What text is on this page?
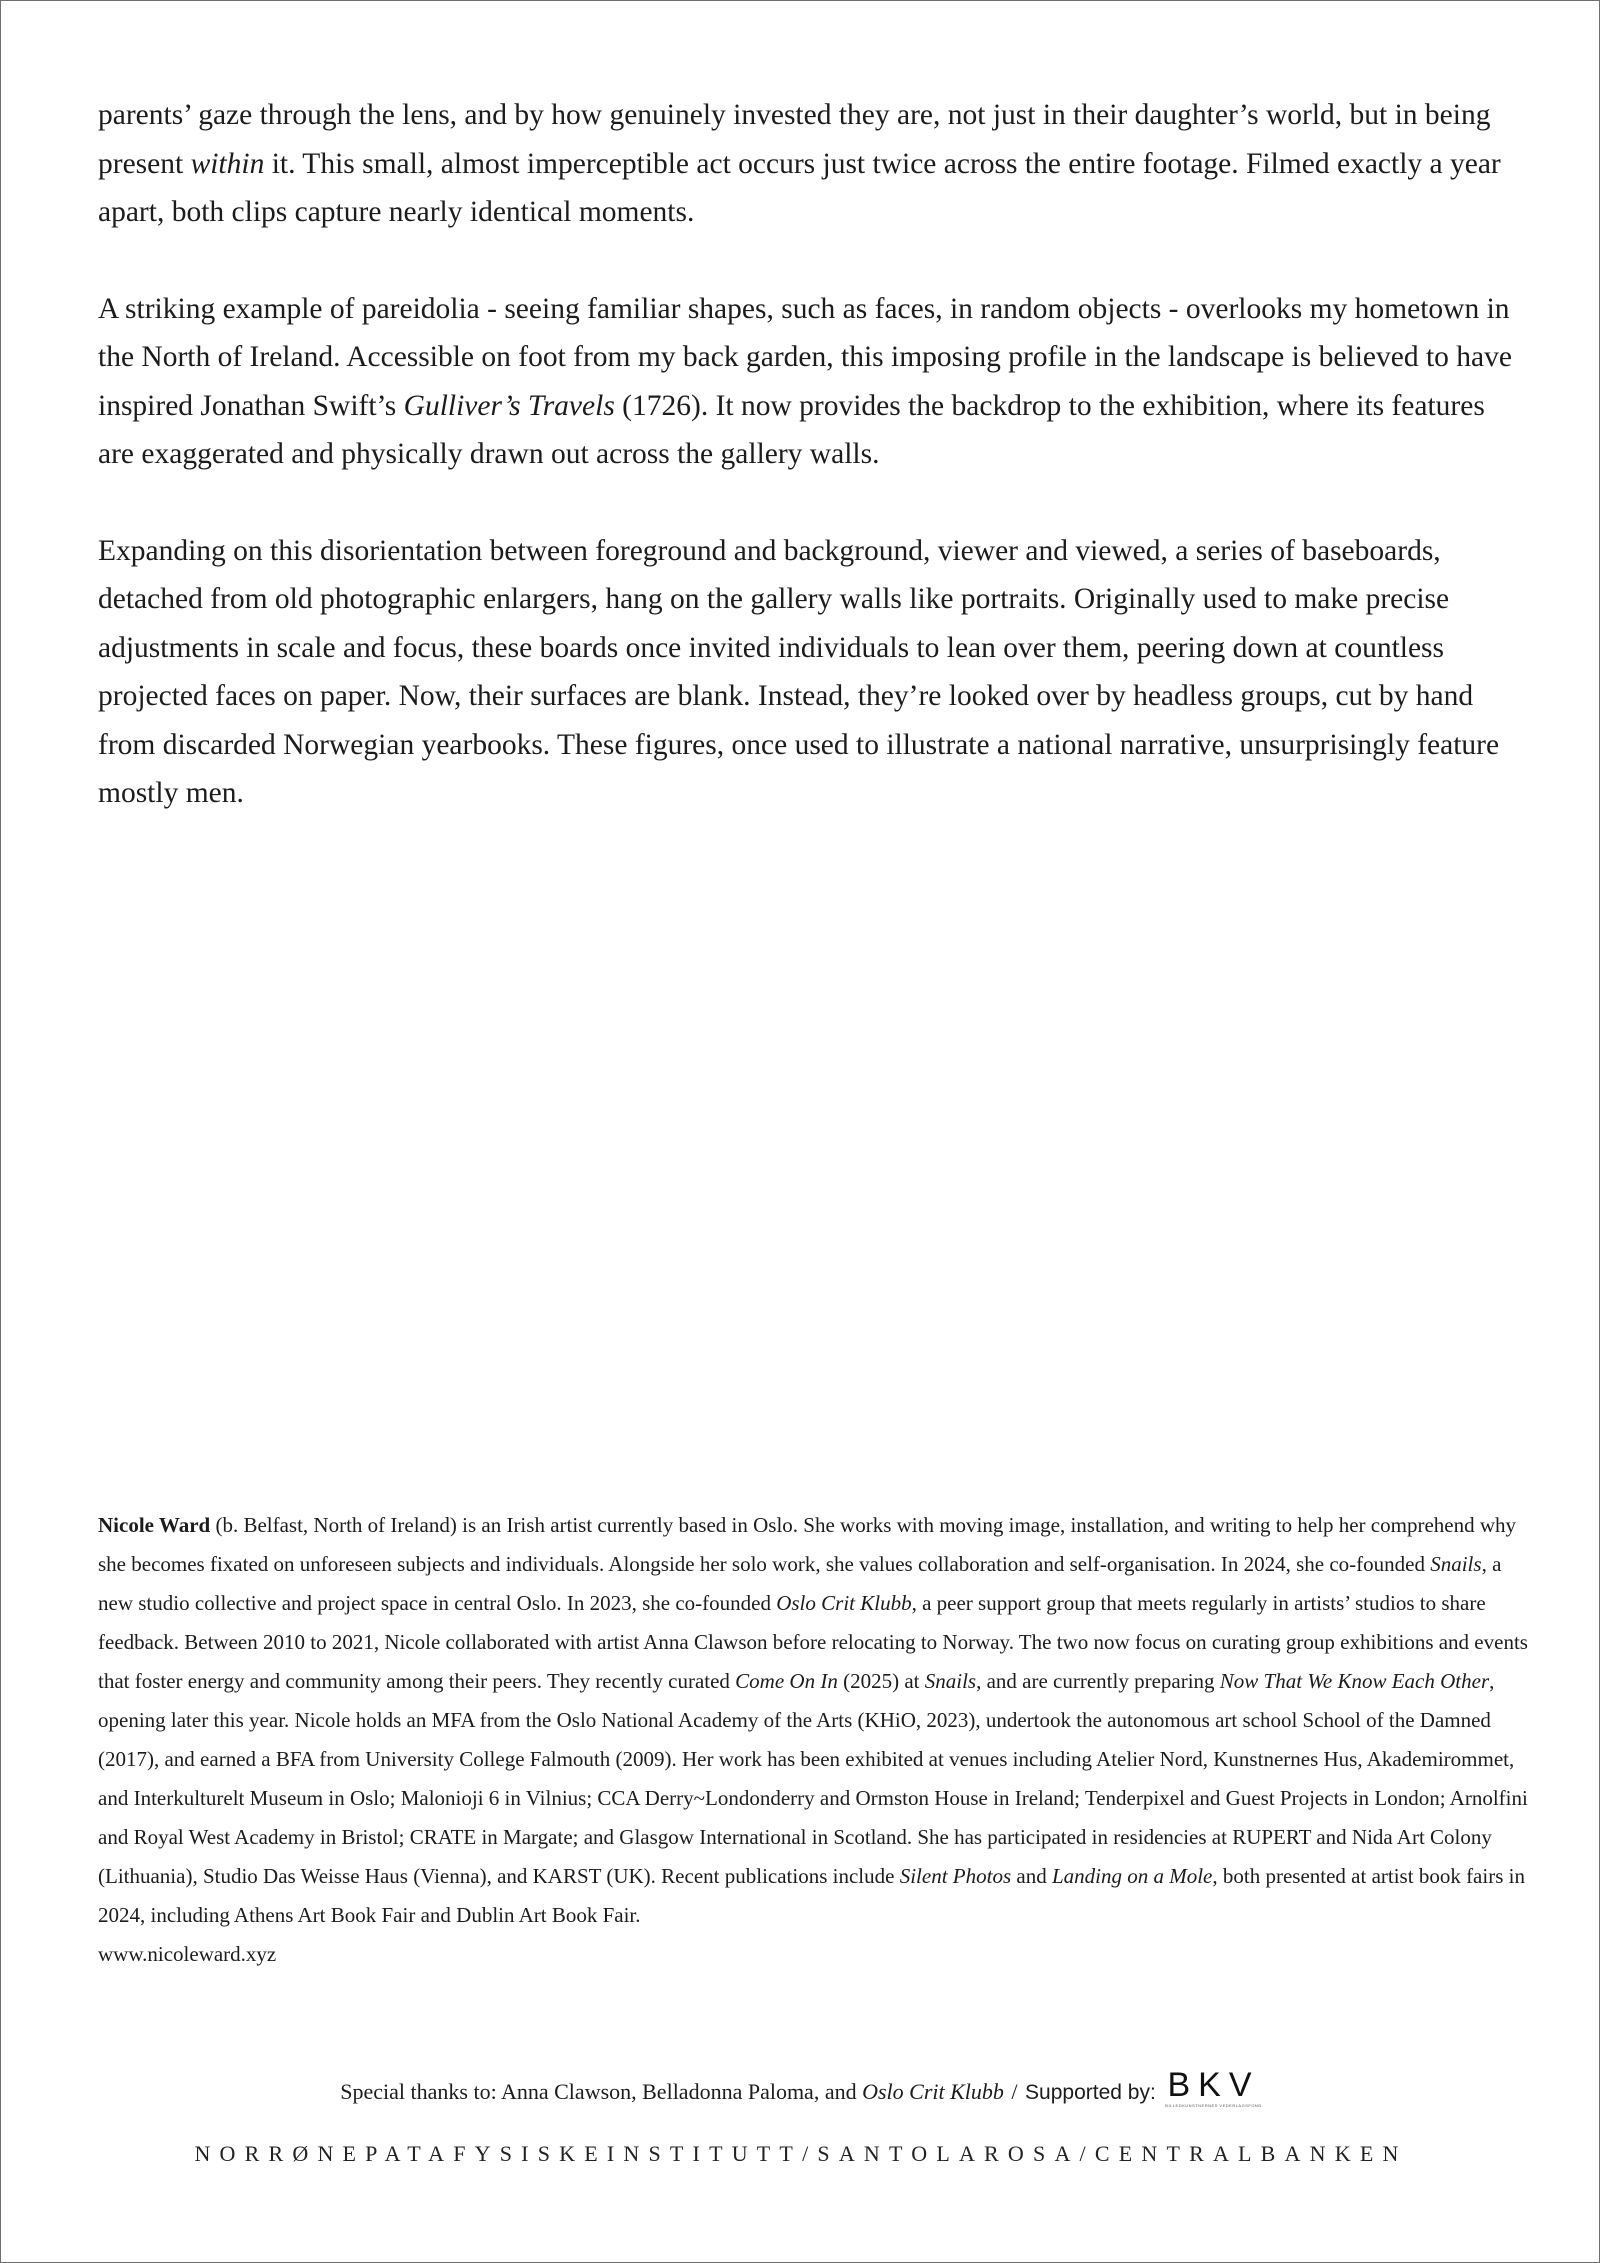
parents’ gaze through the lens, and by how genuinely invested they are, not just in their daughter’s world, but in being present within it. This small, almost imperceptible act occurs just twice across the entire footage. Filmed exactly a year apart, both clips capture nearly identical moments.

A striking example of pareidolia - seeing familiar shapes, such as faces, in random objects - overlooks my hometown in the North of Ireland. Accessible on foot from my back garden, this imposing profile in the landscape is believed to have inspired Jonathan Swift’s Gulliver’s Travels (1726). It now provides the backdrop to the exhibition, where its features are exaggerated and physically drawn out across the gallery walls.

Expanding on this disorientation between foreground and background, viewer and viewed, a series of baseboards, detached from old photographic enlargers, hang on the gallery walls like portraits. Originally used to make precise adjustments in scale and focus, these boards once invited individuals to lean over them, peering down at countless projected faces on paper. Now, their surfaces are blank. Instead, they’re looked over by headless groups, cut by hand from discarded Norwegian yearbooks. These figures, once used to illustrate a national narrative, unsurprisingly feature mostly men.

Nicole Ward (b. Belfast, North of Ireland) is an Irish artist currently based in Oslo. She works with moving image, installation, and writing to help her comprehend why she becomes fixated on unforeseen subjects and individuals. Alongside her solo work, she values collaboration and self-organisation. In 2024, she co-founded Snails, a new studio collective and project space in central Oslo. In 2023, she co-founded Oslo Crit Klubb, a peer support group that meets regularly in artists’ studios to share feedback. Between 2010 to 2021, Nicole collaborated with artist Anna Clawson before relocating to Norway. The two now focus on curating group exhibitions and events that foster energy and community among their peers. They recently curated Come On In (2025) at Snails, and are currently preparing Now That We Know Each Other, opening later this year. Nicole holds an MFA from the Oslo National Academy of the Arts (KHiO, 2023), undertook the autonomous art school School of the Damned (2017), and earned a BFA from University College Falmouth (2009). Her work has been exhibited at venues including Atelier Nord, Kunstnernes Hus, Akademirommet, and Interkulturelt Museum in Oslo; Malonioji 6 in Vilnius; CCA Derry~Londonderry and Ormston House in Ireland; Tenderpixel and Guest Projects in London; Arnolfini and Royal West Academy in Bristol; CRATE in Margate; and Glasgow International in Scotland. She has participated in residencies at RUPERT and Nida Art Colony (Lithuania), Studio Das Weisse Haus (Vienna), and KARST (UK). Recent publications include Silent Photos and Landing on a Mole, both presented at artist book fairs in 2024, including Athens Art Book Fair and Dublin Art Book Fair.

www.nicoleward.xyz
Special thanks to: Anna Clawson, Belladonna Paloma, and Oslo Crit Klubb / Supported by: BKV
BILLEDKUNSTNERNES VEDERLAGSFOND
NORRØNEPATAFYSISKEINSTITUTT/SANTOLAROSA/CENTRALBANKEN
